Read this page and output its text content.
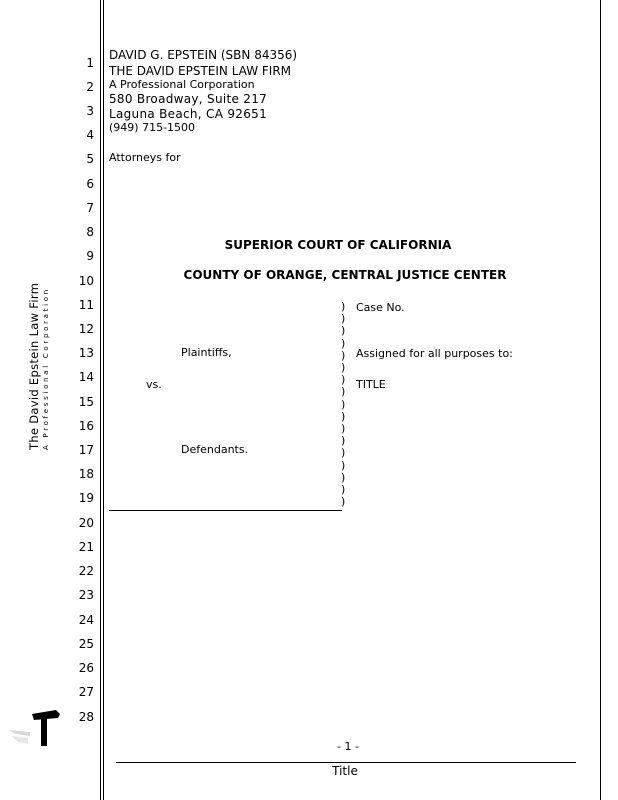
1
2
3
4
5
6
7
8
9
10
11
12
13
14
15
16
17
18
19
20
21
22
23
24
25
26
27
28
The David Epstein Law Firm A Professional Corporation
DAVID G. EPSTEIN (SBN 84356)
THE DAVID EPSTEIN LAW FIRM
A Professional Corporation
580 Broadway, Suite 217
Laguna Beach, CA 92651
(949) 715-1500
Attorneys for
SUPERIOR COURT OF CALIFORNIA
COUNTY OF ORANGE, CENTRAL JUSTICE CENTER
Plaintiffs,
vs.
Defendants.
)
)
)
)
)
)
)
)
)
)
)
)
)
)
)
)
)
Case No.
Assigned for all purposes to:
TITLE
- 1 -
Title
